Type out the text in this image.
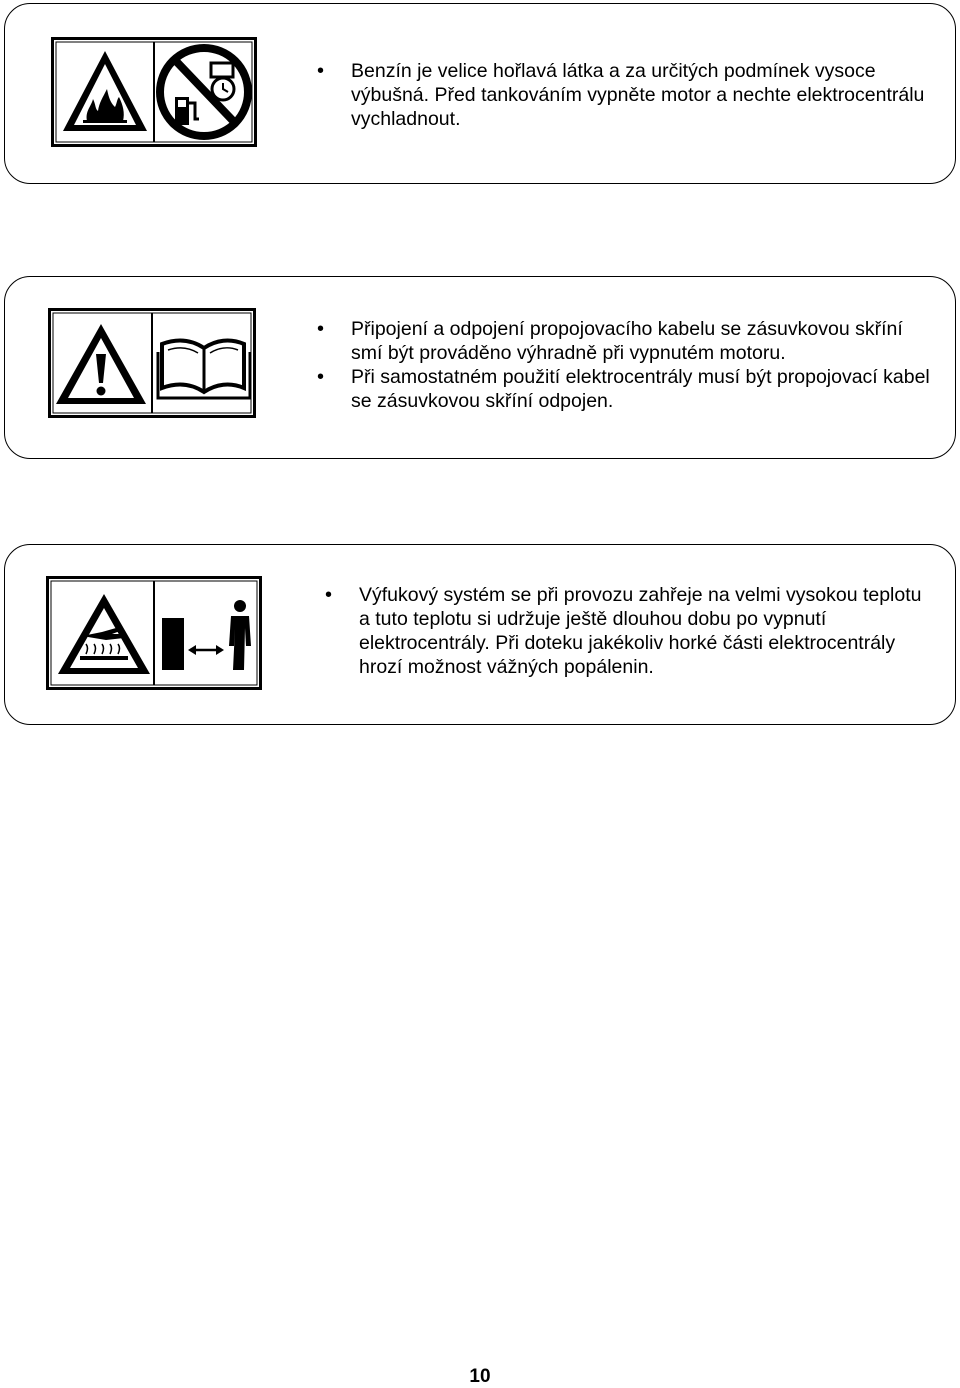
• Benzín je velice hořlavá látka a za určitých podmínek vysoce výbušná. Před tankováním vypněte motor a nechte elektrocentrálu vychladnout.
• Připojení a odpojení propojovacího kabelu se zásuvkovou skříní smí být prováděno výhradně při vypnutém motoru.
• Při samostatném použití elektrocentrály musí být propojovací kabel se zásuvkovou skříní odpojen.
• Výfukový systém se při provozu zahřeje na velmi vysokou teplotu a tuto teplotu si udržuje ještě dlouhou dobu po vypnutí elektrocentrály. Při doteku jakékoliv horké části elektrocentrály hrozí možnost vážných popálenin.
10
